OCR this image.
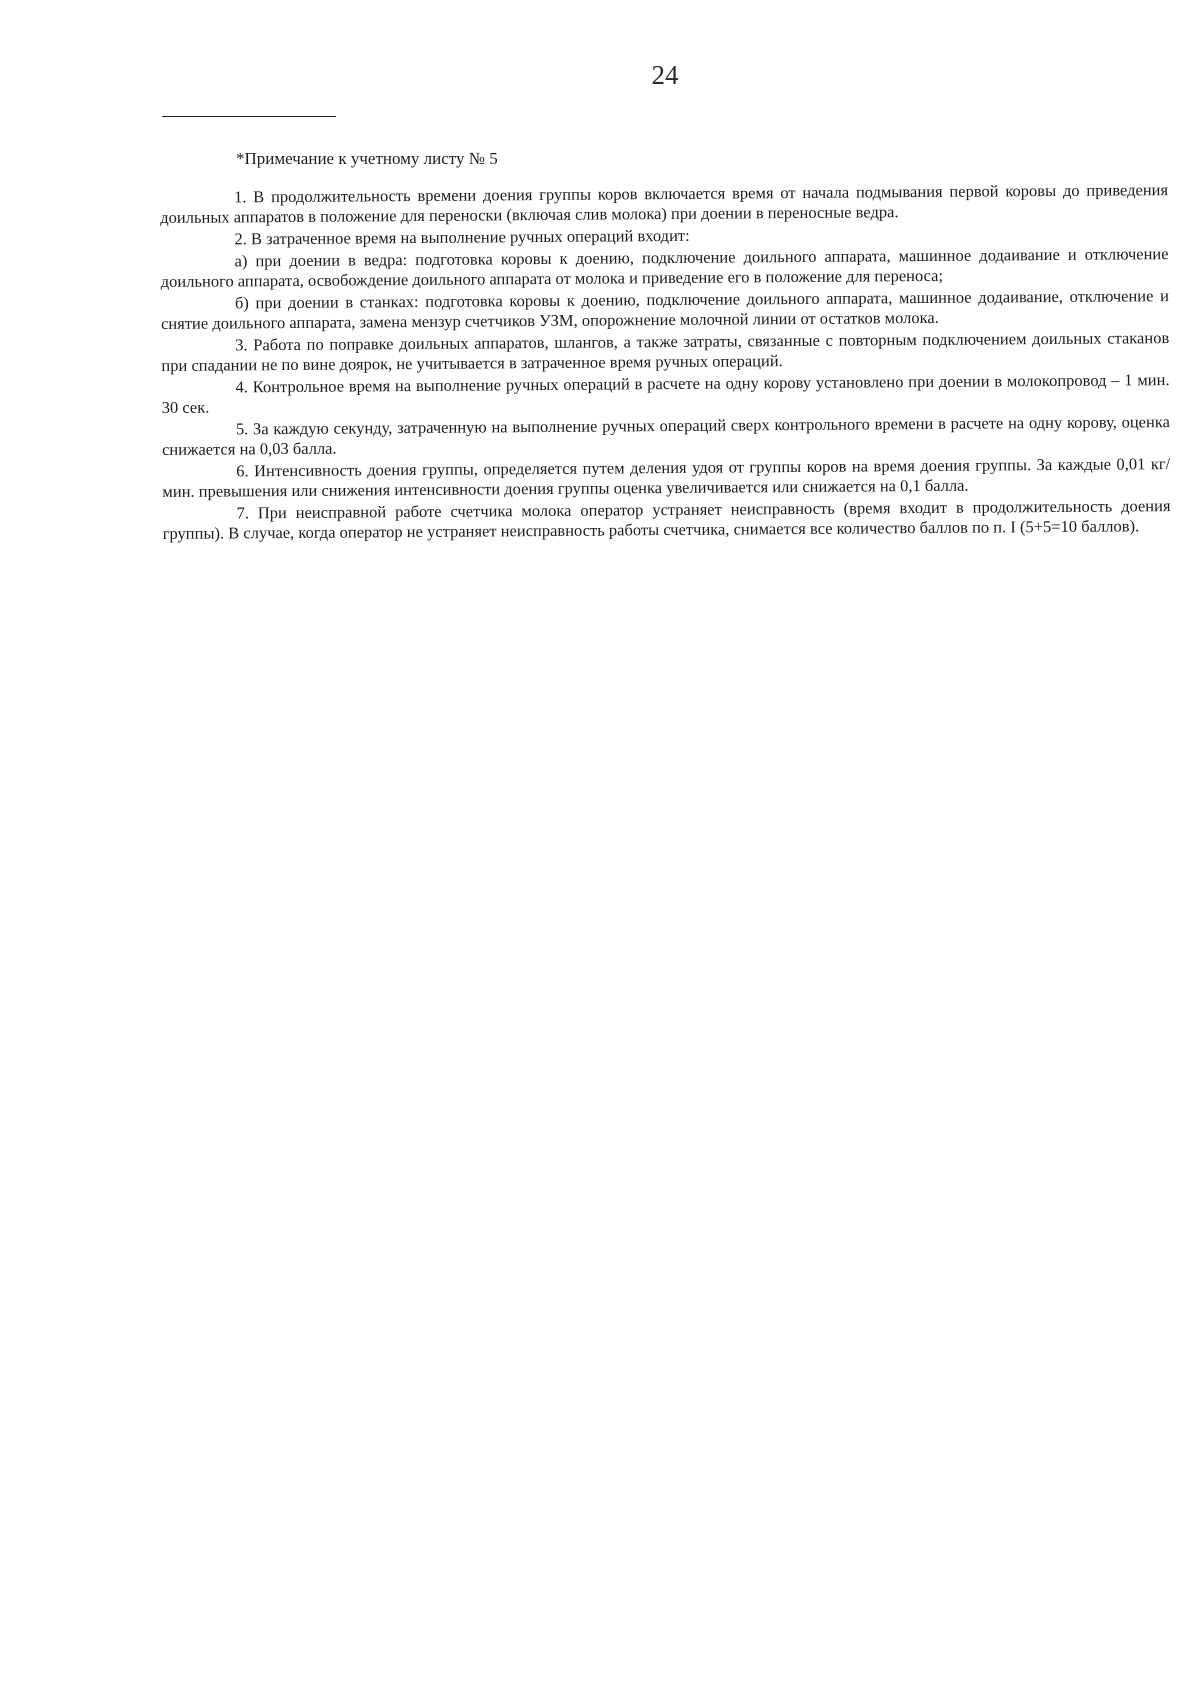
24
*Примечание к учетному листу № 5

1. В продолжительность времени доения группы коров включается время от начала подмывания первой коровы до приведения доильных аппаратов в положение для переноски (включая слив молока) при доении в переносные ведра.

2. В затраченное время на выполнение ручных операций входит:

а) при доении в ведра: подготовка коровы к доению, подключение доильного аппарата, машинное додаивание и отключение доильного аппарата, освобождение доильного аппарата от молока и приведение его в положение для переноса;

б) при доении в станках: подготовка коровы к доению, подключение доильного аппарата, машинное додаивание, отключение и снятие доильного аппарата, замена мензур счетчиков УЗМ, опорожнение молочной линии от остатков молока.

3. Работа по поправке доильных аппаратов, шлангов, а также затраты, связанные с повторным подключением доильных стаканов при спадании не по вине доярок, не учитывается в затраченное время ручных операций.

4. Контрольное время на выполнение ручных операций в расчете на одну корову установлено при доении в молокопровод – 1 мин. 30 сек.

5. За каждую секунду, затраченную на выполнение ручных операций сверх контрольного времени в расчете на одну корову, оценка снижается на 0,03 балла.

6. Интенсивность доения группы, определяется путем деления удоя от группы коров на время доения группы. За каждые 0,01 кг/мин. превышения или снижения интенсивности доения группы оценка увеличивается или снижается на 0,1 балла.

7. При неисправной работе счетчика молока оператор устраняет неисправность (время входит в продолжительность доения группы). В случае, когда оператор не устраняет неисправность работы счетчика, снимается все количество баллов по п. I (5+5=10 баллов).
